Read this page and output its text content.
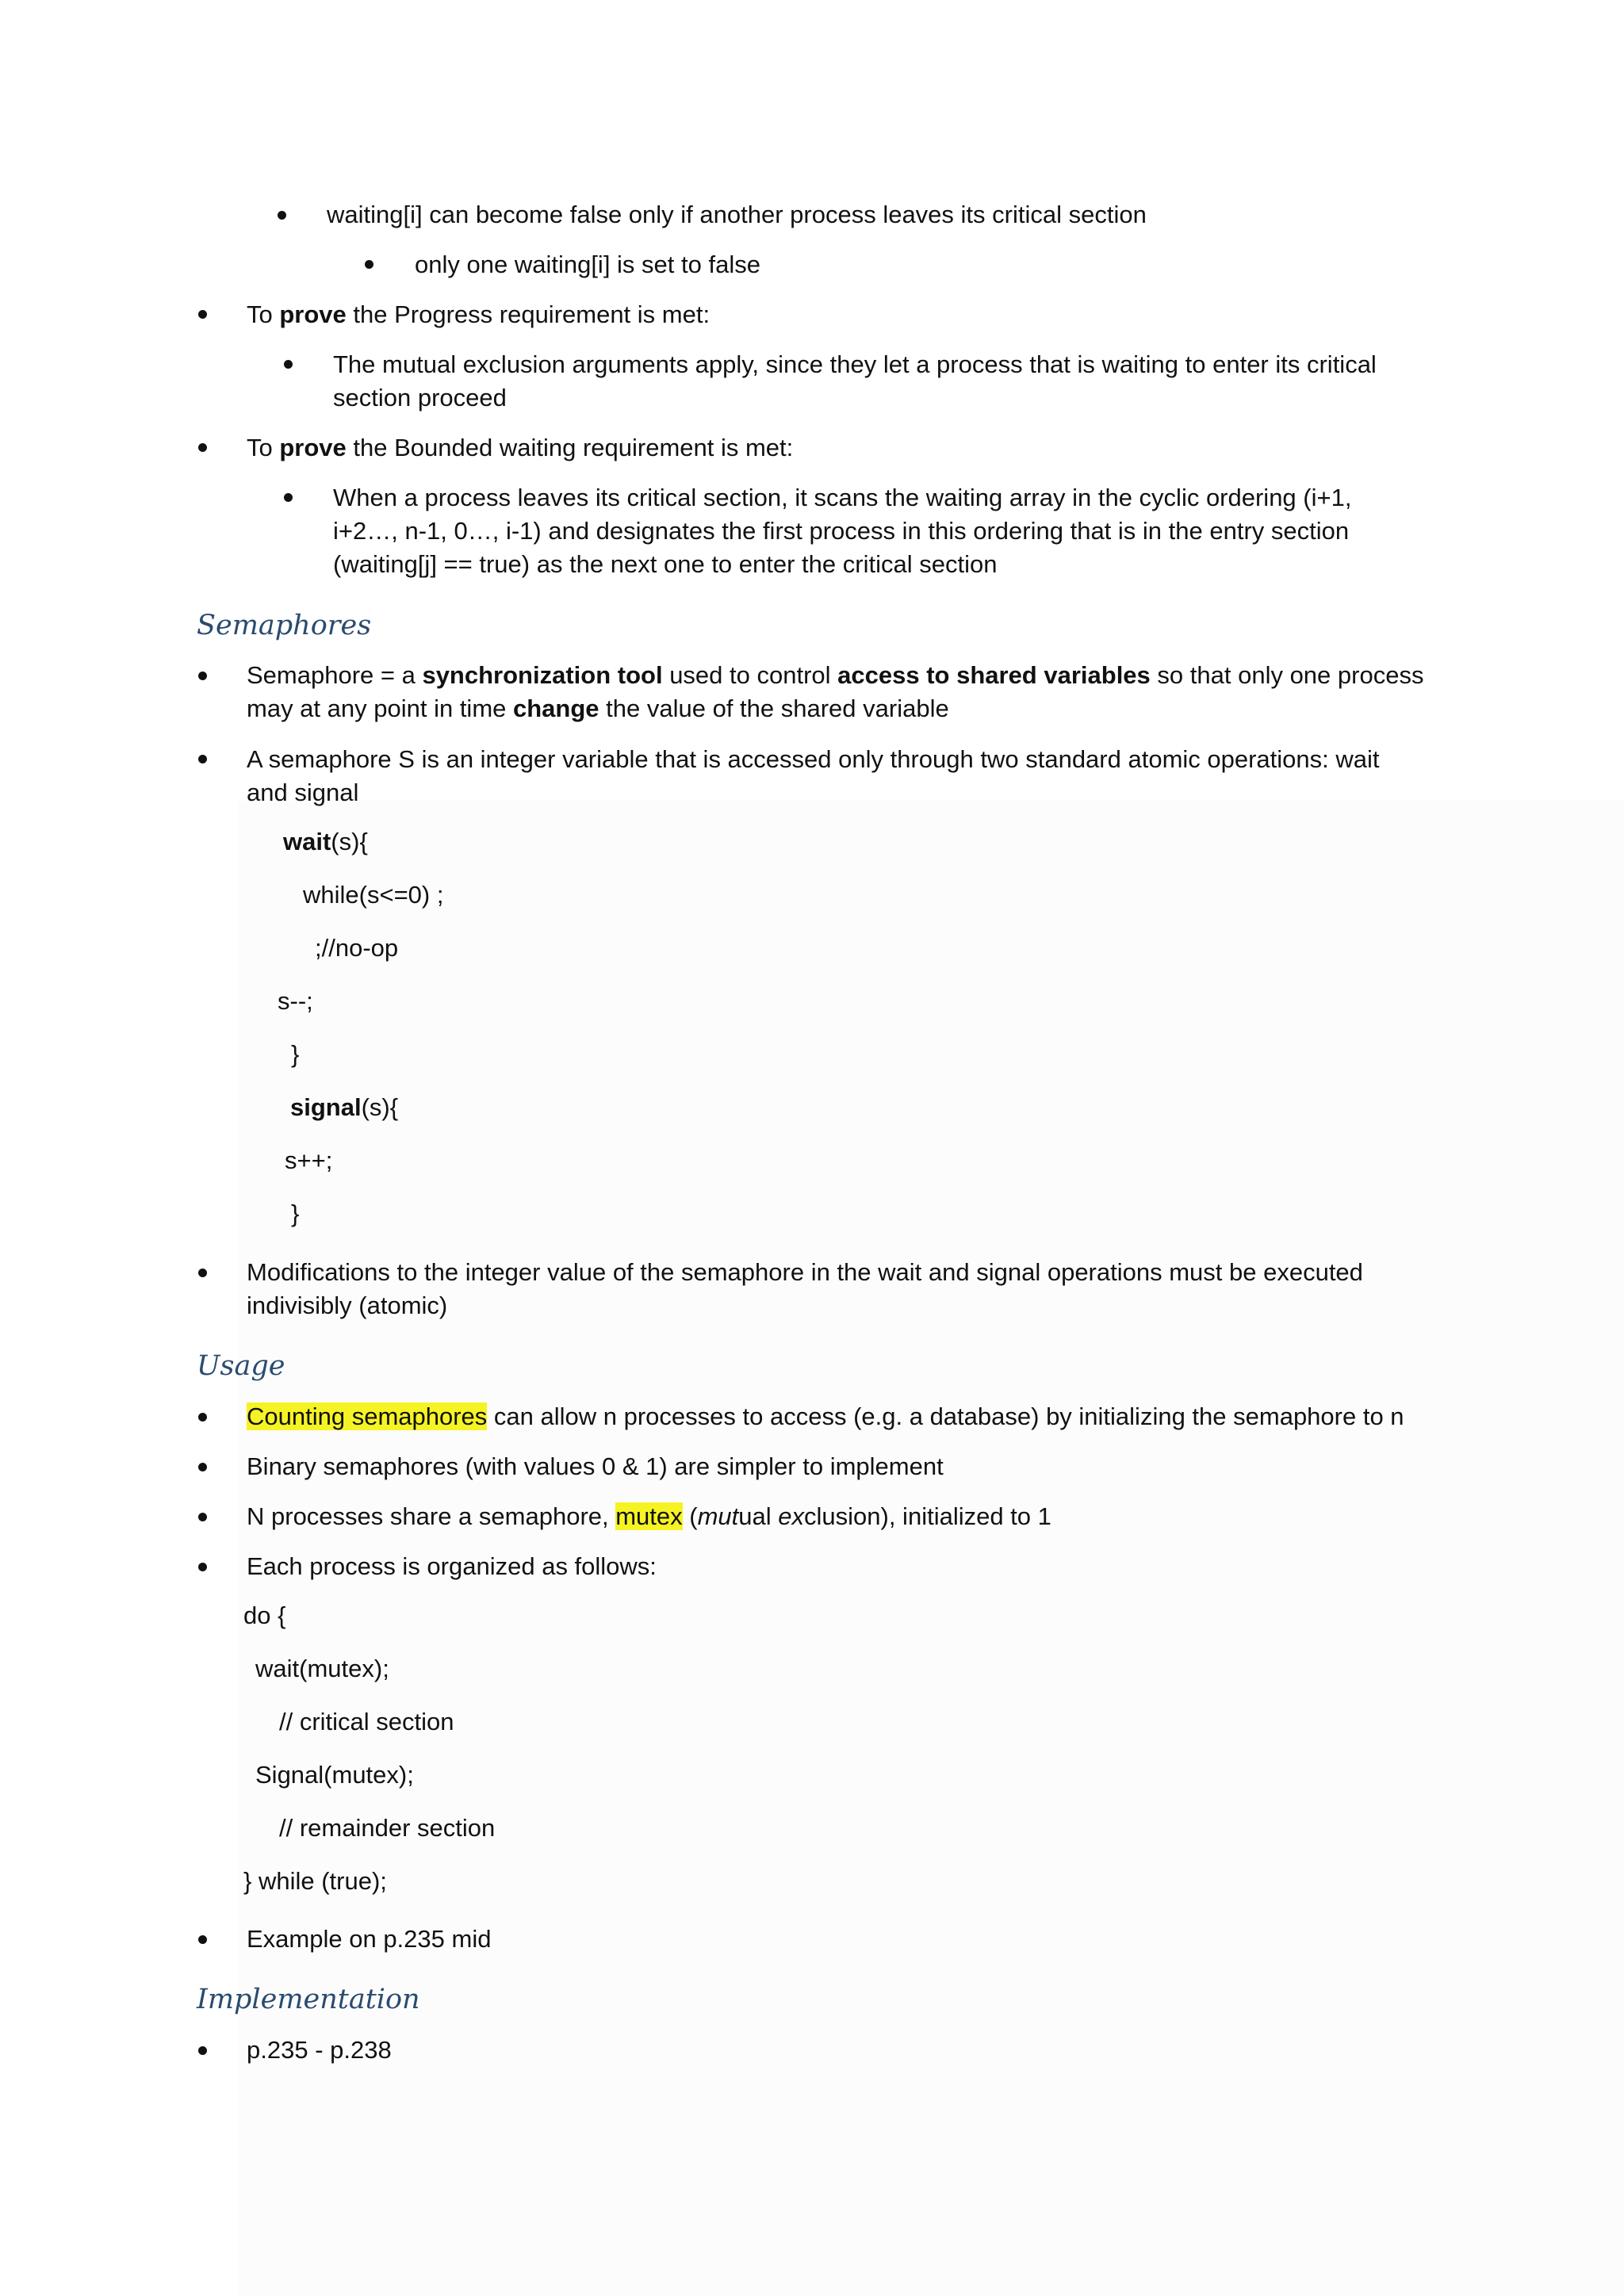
waiting[i] can become false only if another process leaves its critical section
only one waiting[i] is set to false
To prove the Progress requirement is met:
The mutual exclusion arguments apply, since they let a process that is waiting to enter its critical
section proceed
To prove the Bounded waiting requirement is met:
When a process leaves its critical section, it scans the waiting array in the cyclic ordering (i+1,
i+2…, n-1, 0…, i-1) and designates the first process in this ordering that is in the entry section
(waiting[j] == true) as the next one to enter the critical section
Semaphores
Semaphore = a synchronization tool used to control access to shared variables so that only one process
may at any point in time change the value of the shared variable
A semaphore S is an integer variable that is accessed only through two standard atomic operations: wait
and signal
wait(s){
while(s<=0) ;
;//no-op
s--;
}
signal(s){
s++;
}
Modifications to the integer value of the semaphore in the wait and signal operations must be executed
indivisibly (atomic)
Usage
Counting semaphores can allow n processes to access (e.g. a database) by initializing the semaphore to n
Binary semaphores (with values 0 & 1) are simpler to implement
N processes share a semaphore, mutex (mutual exclusion), initialized to 1
Each process is organized as follows:
do {
wait(mutex);
// critical section
Signal(mutex);
// remainder section
} while (true);
Example on p.235 mid
Implementation
p.235 - p.238
